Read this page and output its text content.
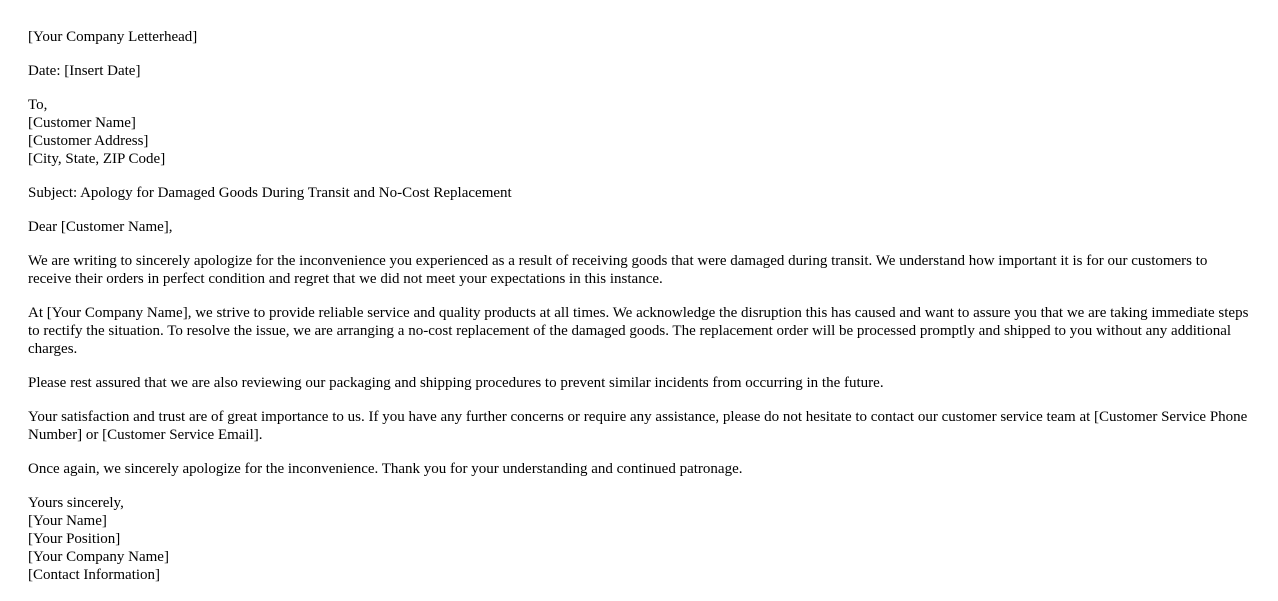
[Your Company Letterhead]

Date: [Insert Date]

To,
[Customer Name]
[Customer Address]
[City, State, ZIP Code]

Subject: Apology for Damaged Goods During Transit and No-Cost Replacement

Dear [Customer Name],

We are writing to sincerely apologize for the inconvenience you experienced as a result of receiving goods that were damaged during transit. We understand how important it is for our customers to receive their orders in perfect condition and regret that we did not meet your expectations in this instance.

At [Your Company Name], we strive to provide reliable service and quality products at all times. We acknowledge the disruption this has caused and want to assure you that we are taking immediate steps to rectify the situation. To resolve the issue, we are arranging a no-cost replacement of the damaged goods. The replacement order will be processed promptly and shipped to you without any additional charges.

Please rest assured that we are also reviewing our packaging and shipping procedures to prevent similar incidents from occurring in the future.

Your satisfaction and trust are of great importance to us. If you have any further concerns or require any assistance, please do not hesitate to contact our customer service team at [Customer Service Phone Number] or [Customer Service Email].

Once again, we sincerely apologize for the inconvenience. Thank you for your understanding and continued patronage.

Yours sincerely,
[Your Name]
[Your Position]
[Your Company Name]
[Contact Information]
